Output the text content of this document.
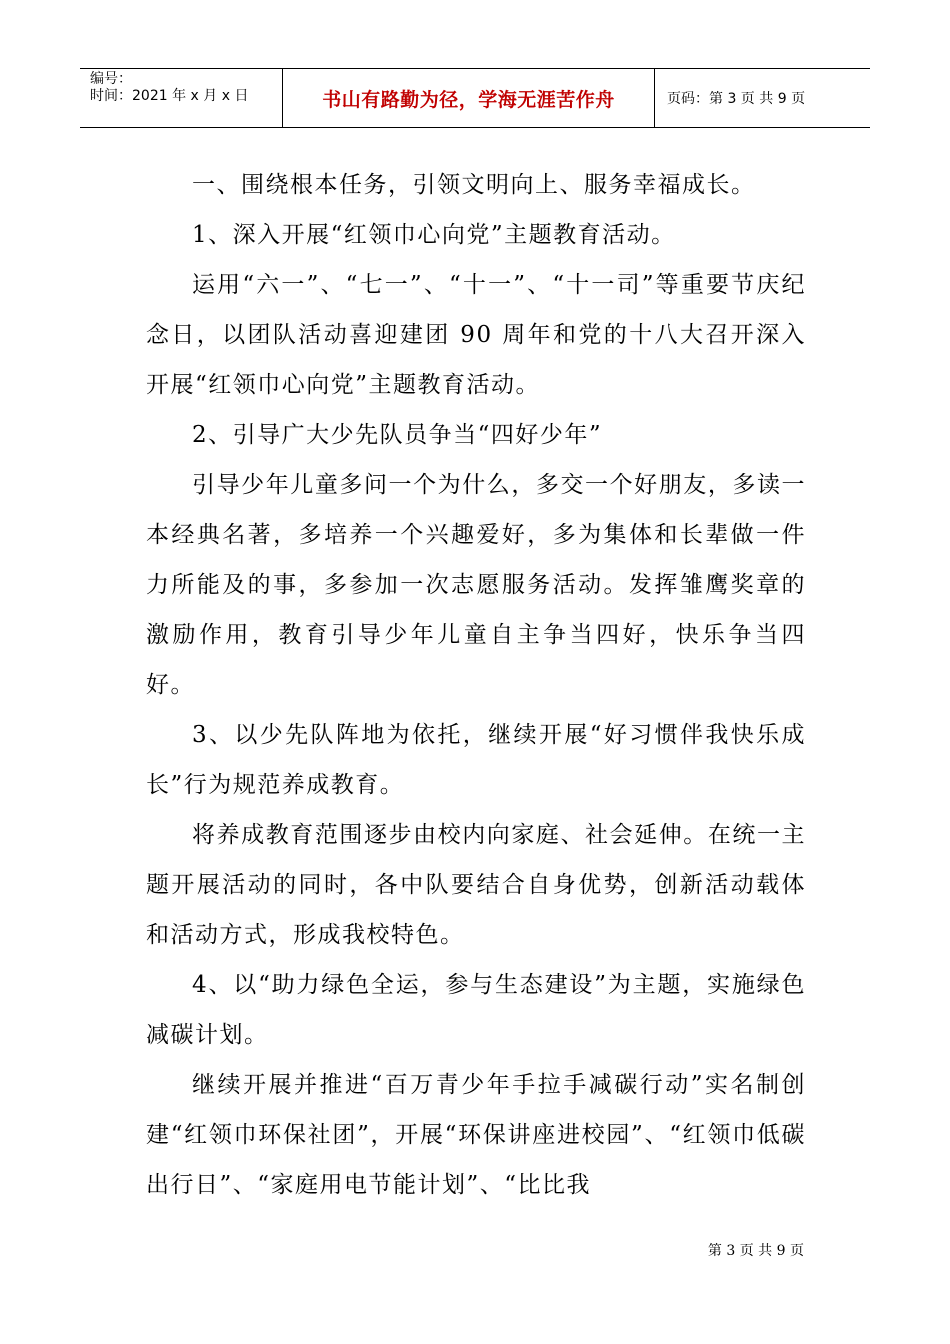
编号：
时间：2021 年 x 月 x 日	书山有路勤为径，学海无涯苦作舟	页码：第 3 页 共 9 页

一、围绕根本任务，引领文明向上、服务幸福成长。

1、深入开展“红领巾心向党”主题教育活动。

运用“六一”、“七一”、“十一”、“十一司”等重要节庆纪念日，以团队活动喜迎建团 90 周年和党的十八大召开深入开展“红领巾心向党”主题教育活动。

2、引导广大少先队员争当“四好少年”

引导少年儿童多问一个为什么，多交一个好朋友，多读一本经典名著，多培养一个兴趣爱好，多为集体和长辈做一件力所能及的事，多参加一次志愿服务活动。发挥雏鹰奖章的激励作用，教育引导少年儿童自主争当四好，快乐争当四好。

3、以少先队阵地为依托，继续开展“好习惯伴我快乐成长”行为规范养成教育。

将养成教育范围逐步由校内向家庭、社会延伸。在统一主题开展活动的同时，各中队要结合自身优势，创新活动载体和活动方式，形成我校特色。

4、以“助力绿色全运，参与生态建设”为主题，实施绿色减碳计划。

继续开展并推进“百万青少年手拉手减碳行动”实名制创建“红领巾环保社团”，开展“环保讲座进校园”、“红领巾低碳出行日”、“家庭用电节能计划”、“比比我

第 3 页 共 9 页
